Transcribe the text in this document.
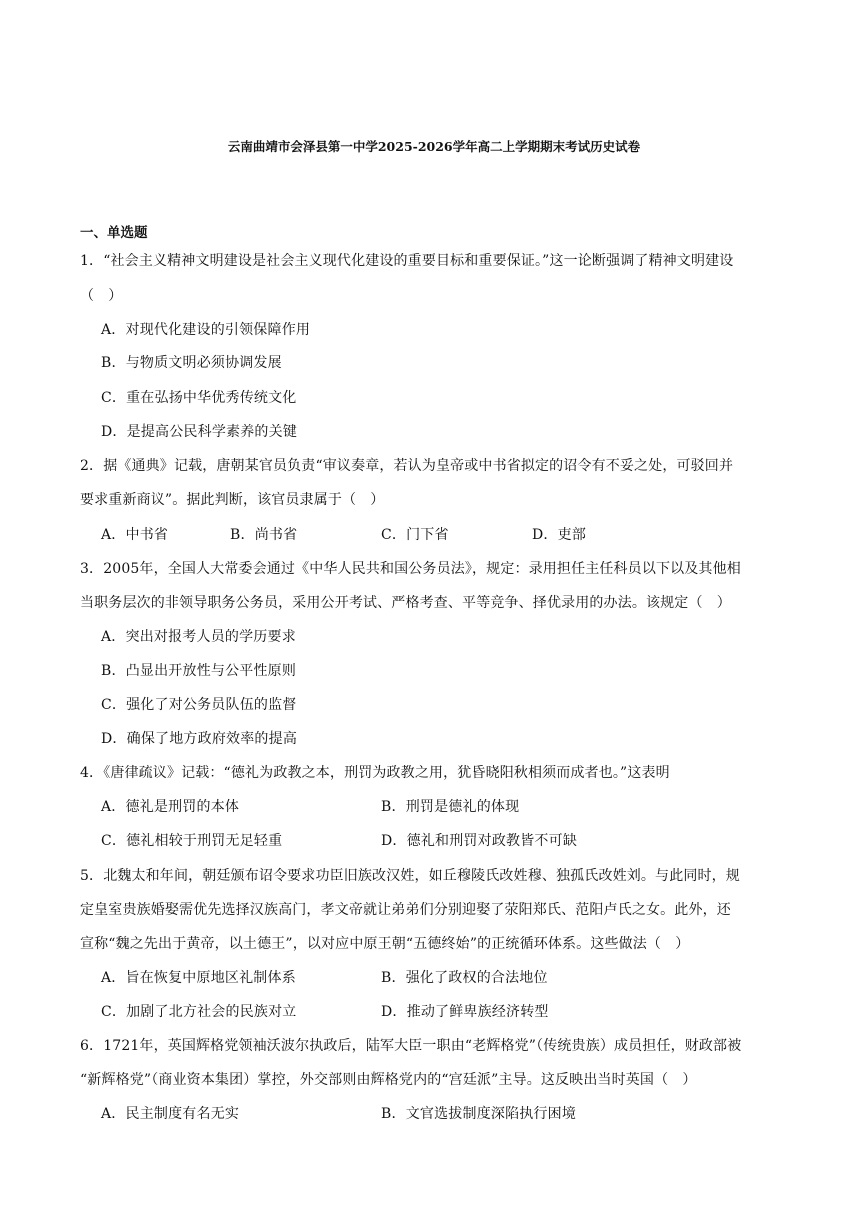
云南曲靖市会泽县第一中学2025-2026学年高二上学期期末考试历史试卷
一、单选题
1．“社会主义精神文明建设是社会主义现代化建设的重要目标和重要保证。”这一论断强调了精神文明建设
（　）
A．对现代化建设的引领保障作用
B．与物质文明必须协调发展
C．重在弘扬中华优秀传统文化
D．是提高公民科学素养的关键
2．据《通典》记载，唐朝某官员负责“审议奏章，若认为皇帝或中书省拟定的诏令有不妥之处，可驳回并
要求重新商议”。据此判断，该官员隶属于（　）
A．中书省	B．尚书省	C．门下省	D．吏部
3．2005年，全国人大常委会通过《中华人民共和国公务员法》，规定：录用担任主任科员以下以及其他相
当职务层次的非领导职务公务员，采用公开考试、严格考查、平等竞争、择优录用的办法。该规定（　）
A．突出对报考人员的学历要求
B．凸显出开放性与公平性原则
C．强化了对公务员队伍的监督
D．确保了地方政府效率的提高
4．《唐律疏议》记载：“德礼为政教之本，刑罚为政教之用，犹昏晓阳秋相须而成者也。”这表明
A．德礼是刑罚的本体	B．刑罚是德礼的体现
C．德礼相较于刑罚无足轻重	D．德礼和刑罚对政教皆不可缺
5．北魏太和年间，朝廷颁布诏令要求功臣旧族改汉姓，如丘穆陵氏改姓穆、独孤氏改姓刘。与此同时，规
定皇室贵族婚娶需优先选择汉族高门，孝文帝就让弟弟们分别迎娶了荥阳郑氏、范阳卢氏之女。此外，还
宣称“魏之先出于黄帝，以土德王”，以对应中原王朝“五德终始”的正统循环体系。这些做法（　）
A．旨在恢复中原地区礼制体系	B．强化了政权的合法地位
C．加剧了北方社会的民族对立	D．推动了鲜卑族经济转型
6．1721年，英国辉格党领袖沃波尔执政后，陆军大臣一职由“老辉格党”（传统贵族）成员担任，财政部被
“新辉格党”（商业资本集团）掌控，外交部则由辉格党内的“宫廷派”主导。这反映出当时英国（　）
A．民主制度有名无实	B．文官选拔制度深陷执行困境
